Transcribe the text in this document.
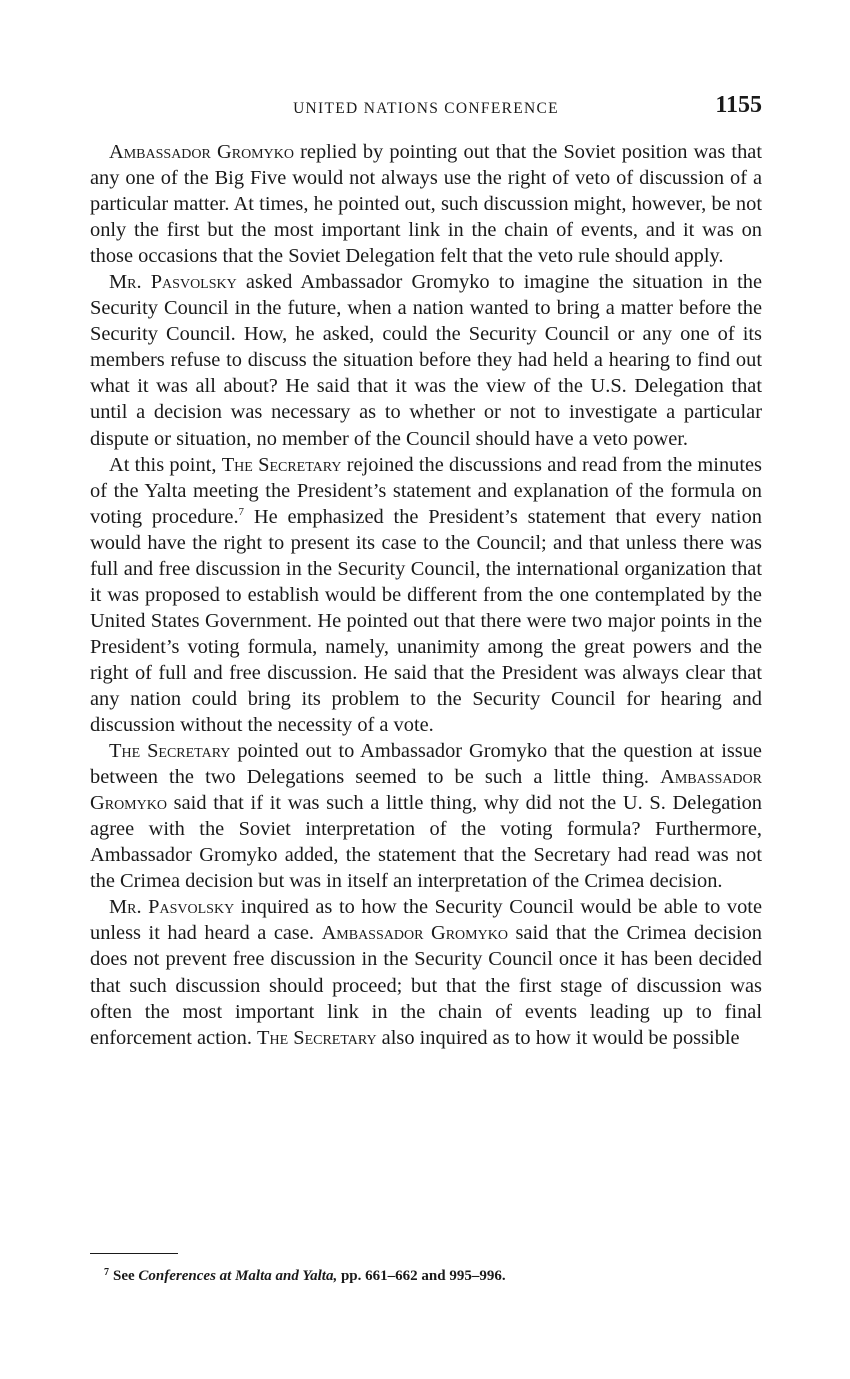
UNITED NATIONS CONFERENCE	1155

Ambassador Gromyko replied by pointing out that the Soviet position was that any one of the Big Five would not always use the right of veto of discussion of a particular matter. At times, he pointed out, such discussion might, however, be not only the first but the most important link in the chain of events, and it was on those occasions that the Soviet Delegation felt that the veto rule should apply.

Mr. Pasvolsky asked Ambassador Gromyko to imagine the situation in the Security Council in the future, when a nation wanted to bring a matter before the Security Council. How, he asked, could the Security Council or any one of its members refuse to discuss the situation before they had held a hearing to find out what it was all about? He said that it was the view of the U.S. Delegation that until a decision was necessary as to whether or not to investigate a particular dispute or situation, no member of the Council should have a veto power.

At this point, The Secretary rejoined the discussions and read from the minutes of the Yalta meeting the President’s statement and explanation of the formula on voting procedure.$^7$ He emphasized the President’s statement that every nation would have the right to present its case to the Council; and that unless there was full and free discussion in the Security Council, the international organization that it was proposed to establish would be different from the one contemplated by the United States Government. He pointed out that there were two major points in the President’s voting formula, namely, unanimity among the great powers and the right of full and free discussion. He said that the President was always clear that any nation could bring its problem to the Security Council for hearing and discussion without the necessity of a vote.

The Secretary pointed out to Ambassador Gromyko that the question at issue between the two Delegations seemed to be such a little thing. Ambassador Gromyko said that if it was such a little thing, why did not the U. S. Delegation agree with the Soviet interpretation of the voting formula? Furthermore, Ambassador Gromyko added, the statement that the Secretary had read was not the Crimea decision but was in itself an interpretation of the Crimea decision.

Mr. Pasvolsky inquired as to how the Security Council would be able to vote unless it had heard a case. Ambassador Gromyko said that the Crimea decision does not prevent free discussion in the Security Council once it has been decided that such discussion should proceed; but that the first stage of discussion was often the most important link in the chain of events leading up to final enforcement action. The Secretary also inquired as to how it would be possible

$^7$ See Conferences at Malta and Yalta, pp. 661–662 and 995–996.
